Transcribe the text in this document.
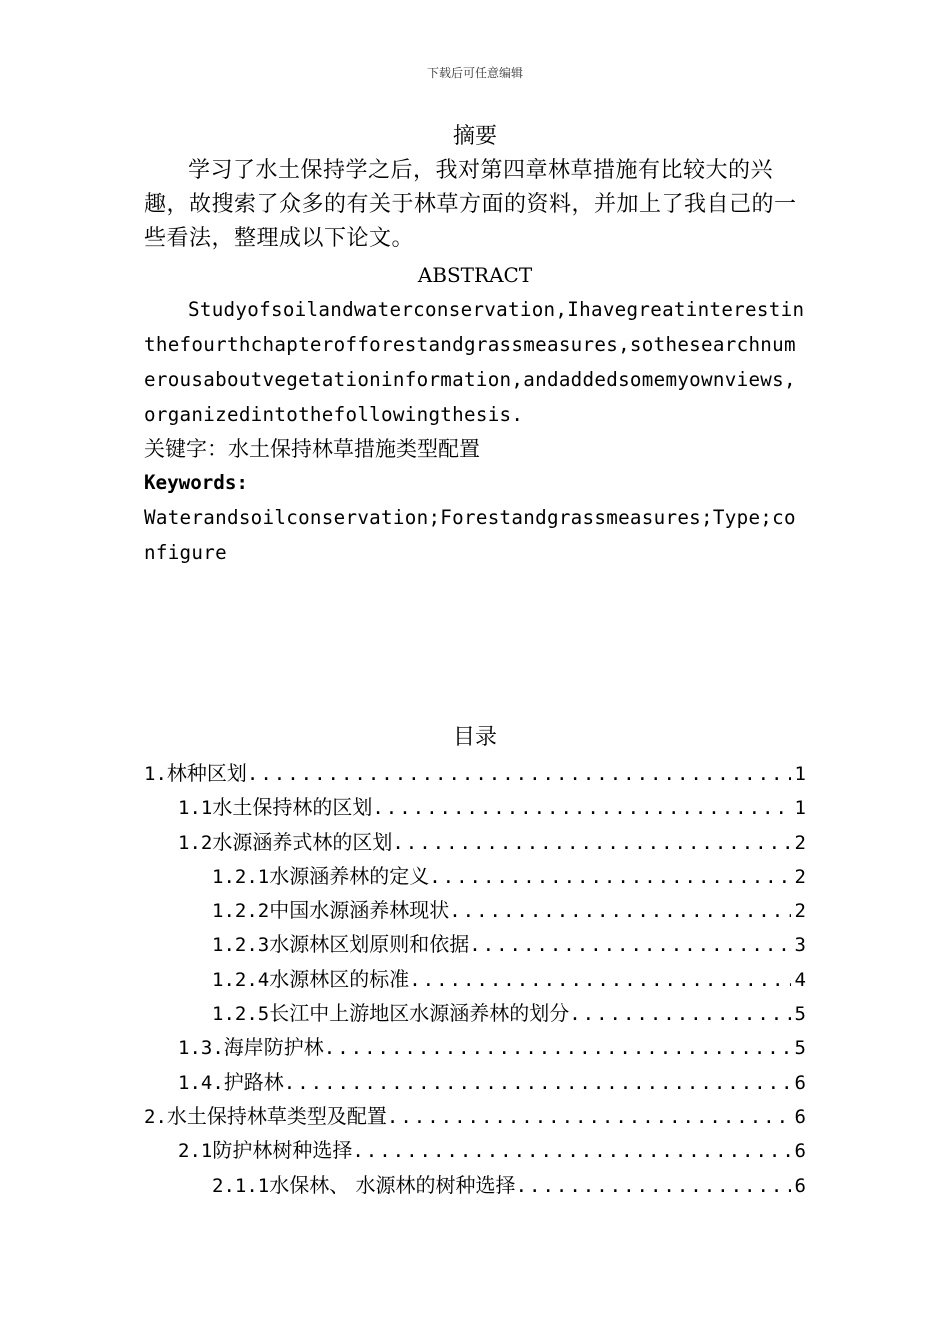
下载后可任意编辑
摘要

学习了水土保持学之后，我对第四章林草措施有比较大的兴趣，故搜索了众多的有关于林草方面的资料，并加上了我自己的一些看法，整理成以下论文。

ABSTRACT

Studyofsoilandwaterconservation,Ihavegreatinterestinthefourthchapterofforestandgrassmeasures,sothesearchnumerousaboutvegetationinformation,andaddedsomemyownviews,organizedintothefollowingthesis.

关键字：水土保持林草措施类型配置
Keywords:

Waterandsoilconservation;Forestandgrassmeasures;Type;configure

目录
1. 林种区划 .....	1
1.1 水土保持林的区划 .....	1
1.2 水源涵养式林的区划 .....	2
1.2.1 水源涵养林的定义 .....	2
1.2.2 中国水源涵养林现状 .....	2
1.2.3 水源林区划原则和依据 .....	3
1.2.4 水源林区的标准 .....	4
1.2.5 长江中上游地区水源涵养林的划分 .....	5
1.3. 海岸防护林 .....	5
1.4. 护路林 .....	6
2. 水土保持林草类型及配置 .....	6
2.1 防护林树种选择 .....	6
2.1.1 水保林、 水源林的树种选择 .....	6
